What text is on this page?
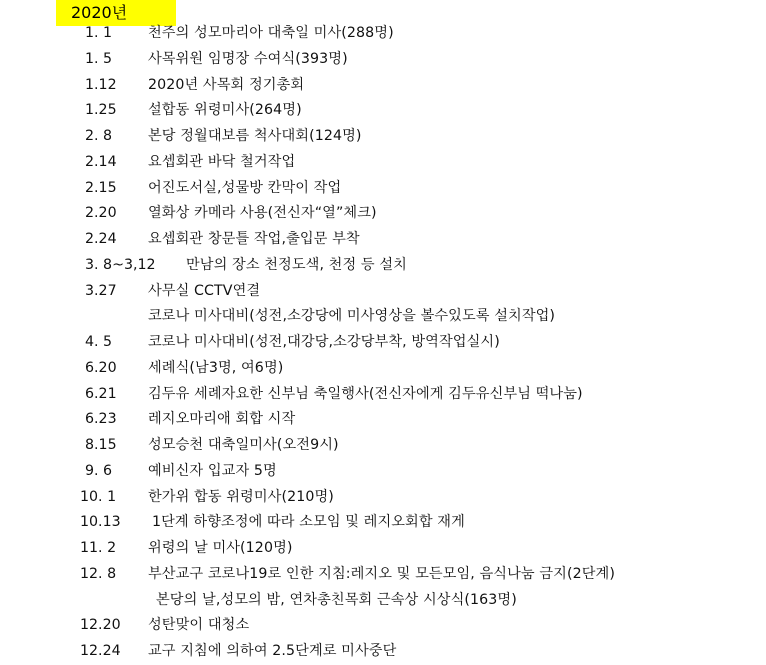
2020년
1. 1	천주의 성모마리아 대축일 미사(288명)
1. 5	사목위원 임명장 수여식(393명)
1.12 2020년 사목회 정기총회
1.25 설합동 위령미사(264명)
2. 8	본당 정월대보름 척사대회(124명)
2.14 요셉회관 바닥 철거작업
2.15 어진도서실,성물방 칸막이 작업
2.20 열화상 카메라 사용(전신자“열”체크)
2.24 요셉회관 창문틀 작업,출입문 부착
3. 8~3,12 만남의 장소 천정도색, 천정 등 설치
3.27 사무실 CCTV연결
코로나 미사대비(성전,소강당에 미사영상을 볼수있도록 설치작업)
4. 5	코로나 미사대비(성전,대강당,소강당부착, 방역작업실시)
6.20 세례식(남3명, 여6명)
6.21 김두유 세례자요한 신부님 축일행사(전신자에게 김두유신부님 떡나눔)
6.23 레지오마리애 회합 시작
8.15 성모승천 대축일미사(오전9시)
9. 6	예비신자 입교자 5명
10. 1 한가위 합동 위령미사(210명)
10.13 1단계 하향조정에 따라 소모임 및 레지오회합 재게
11. 2 위령의 날 미사(120명)
12. 8 부산교구 코로나19로 인한 지침:레지오 및 모든모임, 음식나눔 금지(2단계)
본당의 날,성모의 밤, 연차총친목회 근속상 시상식(163명)
12.20 성탄맞이 대청소
12.24 교구 지침에 의하여 2.5단계로 미사중단
